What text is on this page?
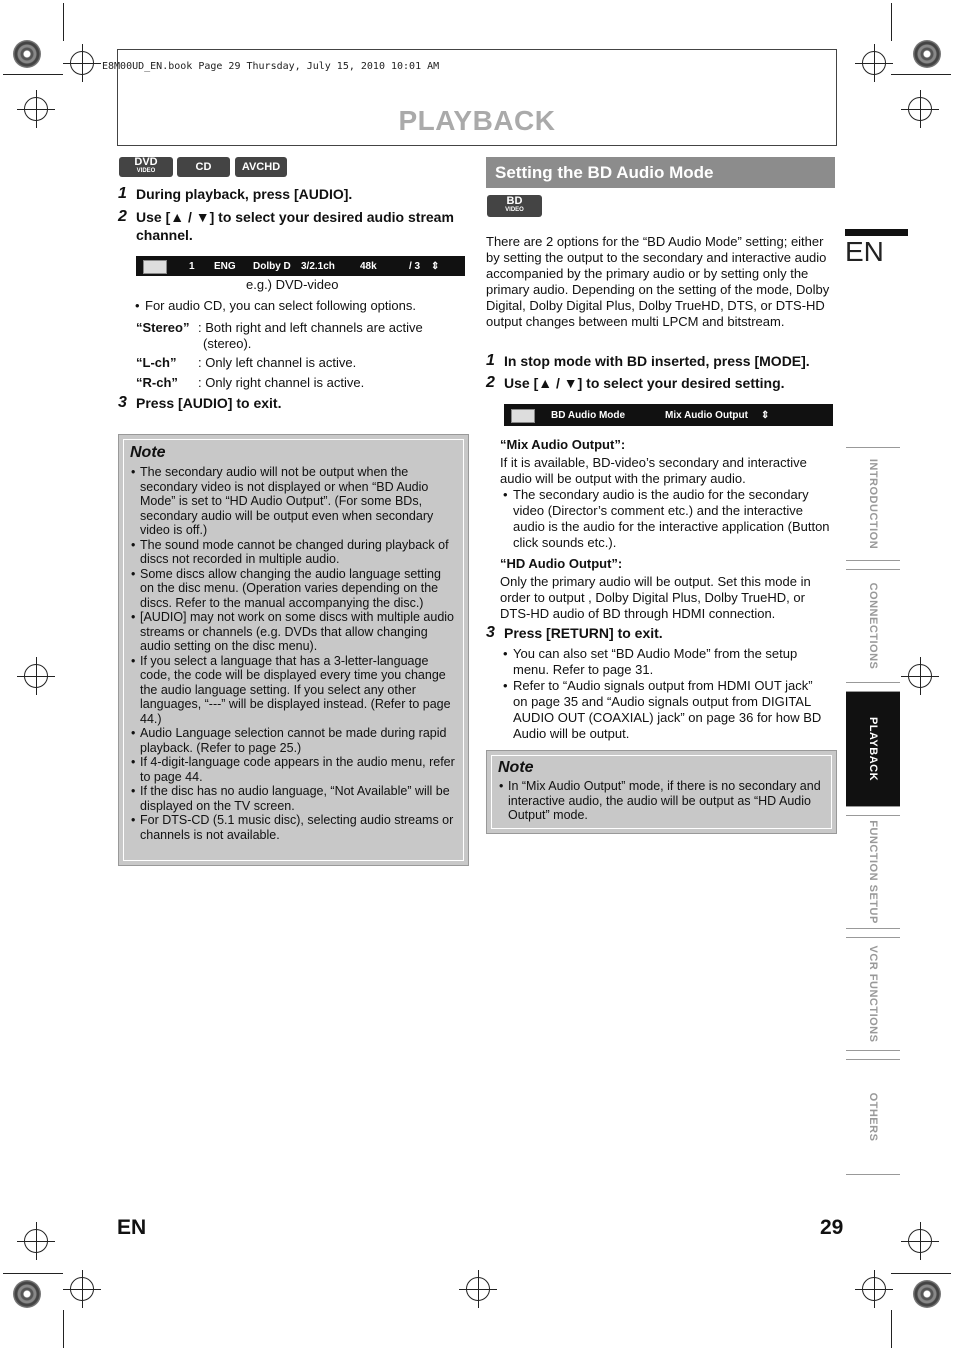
E8M00UD_EN.book Page 29 Thursday, July 15, 2010 10:01 AM
PLAYBACK
DVD
VIDEO	CD	AVCHD
1 During playback, press [AUDIO].
2 Use [▲ / ▼] to select your desired audio stream channel.
1 ENG Dolby D 3/2.1ch	48k	/ 3 ⇕
e.g.) DVD-video
• For audio CD, you can select following options.
“Stereo” : Both right and left channels are active
(stereo).
“L-ch” : Only left channel is active.
“R-ch” : Only right channel is active.
3 Press [AUDIO] to exit.
Note
• The secondary audio will not be output when the secondary video is not displayed or when “BD Audio Mode” is set to “HD Audio Output”. (For some BDs, secondary audio will be output even when secondary video is off.)
• The sound mode cannot be changed during playback of discs not recorded in multiple audio.
• Some discs allow changing the audio language setting on the disc menu. (Operation varies depending on the discs. Refer to the manual accompanying the disc.)
• [AUDIO] may not work on some discs with multiple audio streams or channels (e.g. DVDs that allow changing audio setting on the disc menu).
• If you select a language that has a 3-letter-language code, the code will be displayed every time you change the audio language setting. If you select any other languages, “---” will be displayed instead. (Refer to page 44.)
• Audio Language selection cannot be made during rapid playback. (Refer to page 25.)
• If 4-digit-language code appears in the audio menu, refer to page 44.
• If the disc has no audio language, “Not Available” will be displayed on the TV screen.
• For DTS-CD (5.1 music disc), selecting audio streams or channels is not available.
Setting the BD Audio Mode
BD
VIDEO
There are 2 options for the “BD Audio Mode” setting; either by setting the output to the secondary and interactive audio accompanied by the primary audio or by setting only the primary audio. Depending on the setting of the mode, Dolby Digital, Dolby Digital Plus, Dolby TrueHD, DTS, or DTS-HD output changes between multi LPCM and bitstream.
1 In stop mode with BD inserted, press [MODE].
2 Use [▲ / ▼] to select your desired setting.
BD Audio Mode	Mix Audio Output ⇕
“Mix Audio Output”:
If it is available, BD-video’s secondary and interactive audio will be output with the primary audio.
• The secondary audio is the audio for the secondary video (Director’s comment etc.) and the interactive audio is the audio for the interactive application (Button click sounds etc.).
“HD Audio Output”:
Only the primary audio will be output. Set this mode in order to output , Dolby Digital Plus, Dolby TrueHD, or DTS-HD audio of BD through HDMI connection.
3 Press [RETURN] to exit.
• You can also set “BD Audio Mode” from the setup menu. Refer to page 31.
• Refer to “Audio signals output from HDMI OUT jack” on page 35 and “Audio signals output from DIGITAL AUDIO OUT (COAXIAL) jack” on page 36 for how BD Audio will be output.
Note
• In “Mix Audio Output” mode, if there is no secondary and interactive audio, the audio will be output as “HD Audio Output” mode.
EN
INTRODUCTION
CONNECTIONS
PLAYBACK
FUNCTION SETUP
VCR FUNCTIONS
OTHERS
EN	29
